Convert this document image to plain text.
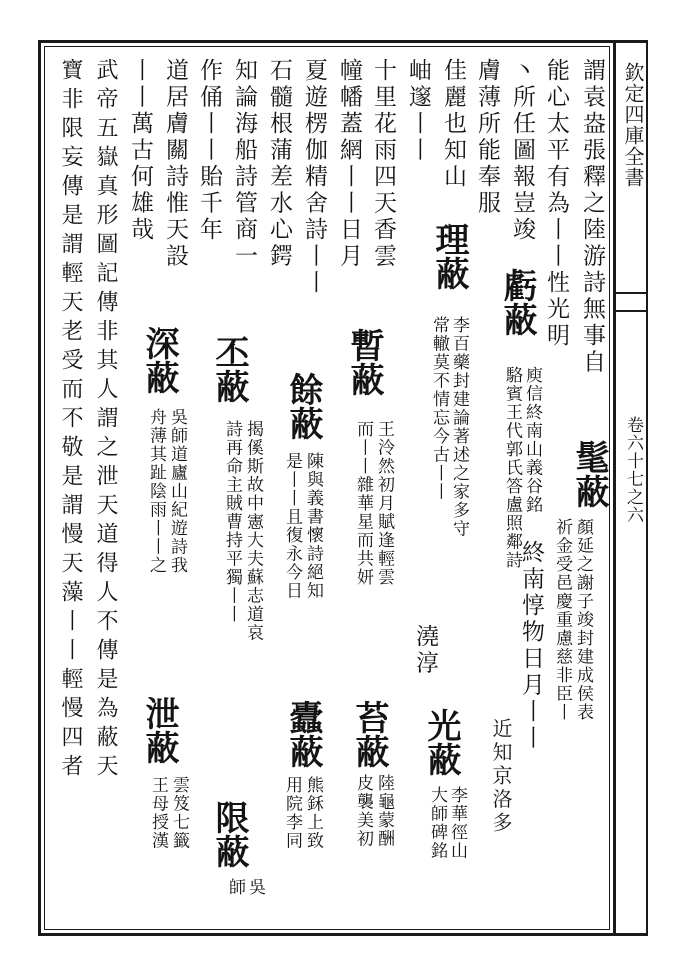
欽定四庫全書
卷六十七之六
謂袁盎張釋之陸游詩無事自
髦蔽
能心太平有為丨丨性光明
顏延之謝子竣封建成侯表
祈金受邑慶重慮慈非臣丨
丶所任圖報豈竣
虧蔽
庾信終南山義谷銘
駱賓王代郭氏答盧照鄰詩
終南惇物日月丨丨
膚薄所能奉服
近知京洛多
佳麗也知山
理蔽
李百藥封建論著述之家多守
常轍莫不情忘今古丨丨
岫邃丨丨
澆淳
光蔽
李華徑山
大師碑銘
十里花雨四天香雲
暫蔽
王泠然初月賦逢輕雲
而丨丨雜華星而共妍
苔蔽
陸龜蒙酬
皮襲美初
幢幡蓋網丨丨日月
夏遊楞伽精舍詩丨丨
餘蔽
陳與義書懷詩絕知
是丨丨且復永今日
蠹蔽
熊鉌上致
用院李同
石髓根蒲差水心鍔
知論海船詩管商一
丕蔽
揭傒斯故中憲大夫蘇志道哀
詩再命主賊曹持平獨丨丨
限蔽
吳
師
作俑丨丨貽千年
道居膚關詩惟天設
深蔽
吳師道廬山紀遊詩我
舟薄其趾陰雨丨丨之
泄蔽
雲笈七籤
王母授漢
丨丨萬古何雄哉
武帝五嶽真形圖記傳非其人謂之泄天道得人不傳是為蔽天
寶非限妄傳是謂輕天老受而不敬是謂慢天藻丨丨輕慢四者
